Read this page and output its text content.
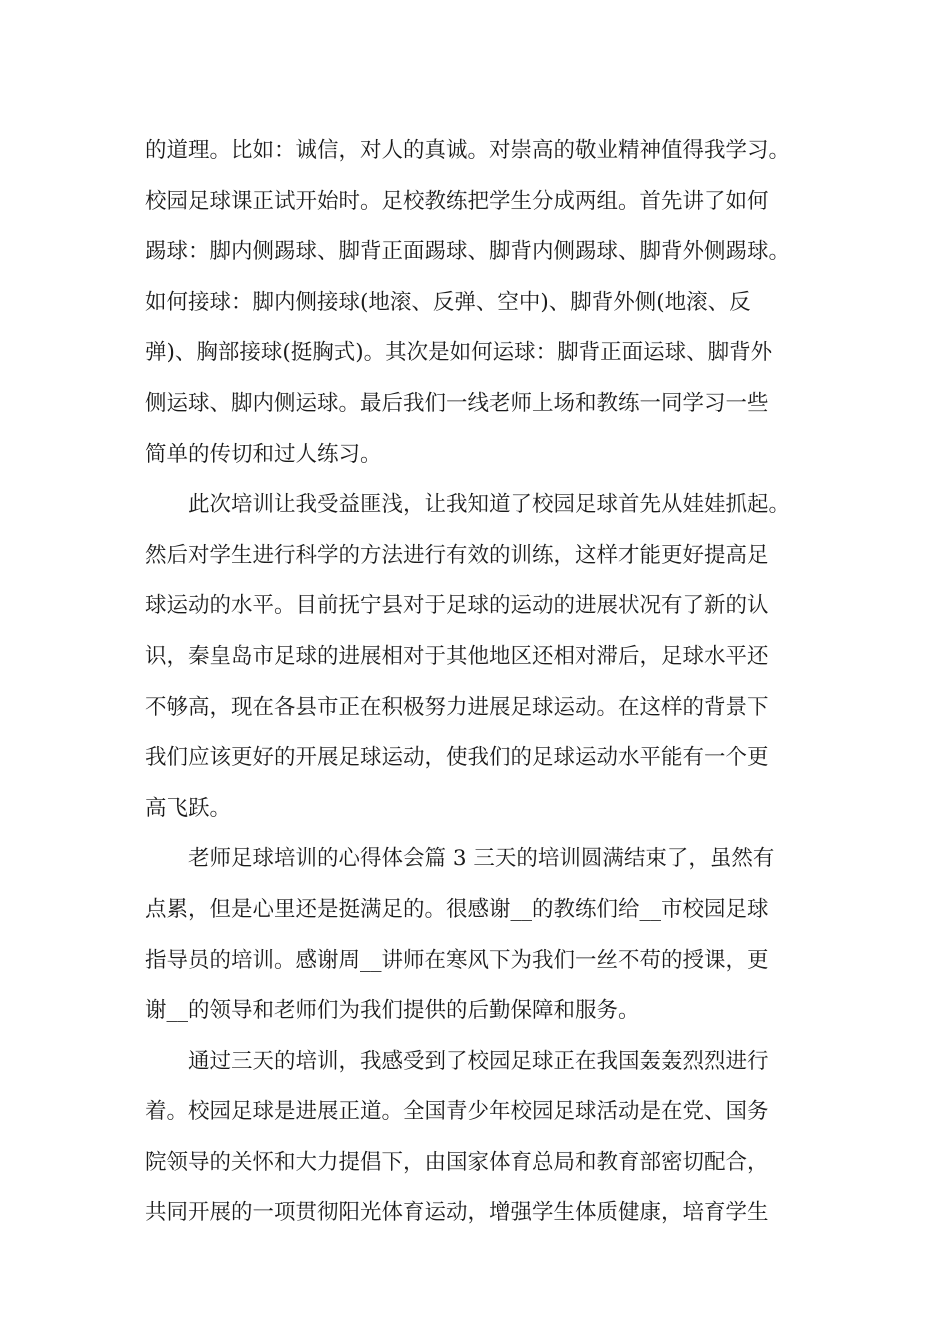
的道理。比如：诚信，对人的真诚。对崇高的敬业精神值得我学习。
校园足球课正试开始时。足校教练把学生分成两组。首先讲了如何
踢球：脚内侧踢球、脚背正面踢球、脚背内侧踢球、脚背外侧踢球。
如何接球：脚内侧接球(地滚、反弹、空中)、脚背外侧(地滚、反
弹)、胸部接球(挺胸式)。其次是如何运球：脚背正面运球、脚背外
侧运球、脚内侧运球。最后我们一线老师上场和教练一同学习一些
简单的传切和过人练习。
此次培训让我受益匪浅，让我知道了校园足球首先从娃娃抓起。
然后对学生进行科学的方法进行有效的训练，这样才能更好提高足
球运动的水平。目前抚宁县对于足球的运动的进展状况有了新的认
识，秦皇岛市足球的进展相对于其他地区还相对滞后，足球水平还
不够高，现在各县市正在积极努力进展足球运动。在这样的背景下
我们应该更好的开展足球运动，使我们的足球运动水平能有一个更
高飞跃。
老师足球培训的心得体会篇 3 三天的培训圆满结束了，虽然有
点累，但是心里还是挺满足的。很感谢__的教练们给__市校园足球
指导员的培训。感谢周__讲师在寒风下为我们一丝不苟的授课，更
谢__的领导和老师们为我们提供的后勤保障和服务。
通过三天的培训，我感受到了校园足球正在我国轰轰烈烈进行
着。校园足球是进展正道。全国青少年校园足球活动是在党、国务
院领导的关怀和大力提倡下，由国家体育总局和教育部密切配合，
共同开展的一项贯彻阳光体育运动，增强学生体质健康，培育学生
